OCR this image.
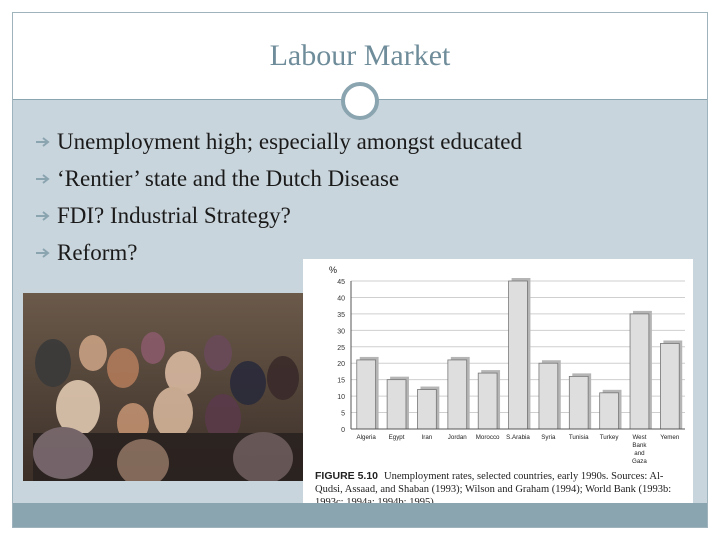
Labour Market
Unemployment high; especially amongst educated
‘Rentier’ state and the Dutch Disease
FDI? Industrial Strategy?
Reform?
0
5
10
15
20
25
30
35
40
45
Algeria Egypt	Iran	Jordan Morocco S.Arabia Syria Tunisia Turkey West
Bank
and
Gaza
Yemen
%
FIGURE 5.10 Unemployment rates, selected countries, early 1990s. Sources: Al-Qudsi, Assaad, and Shaban (1993); Wilson and Graham (1994); World Bank (1993b:
